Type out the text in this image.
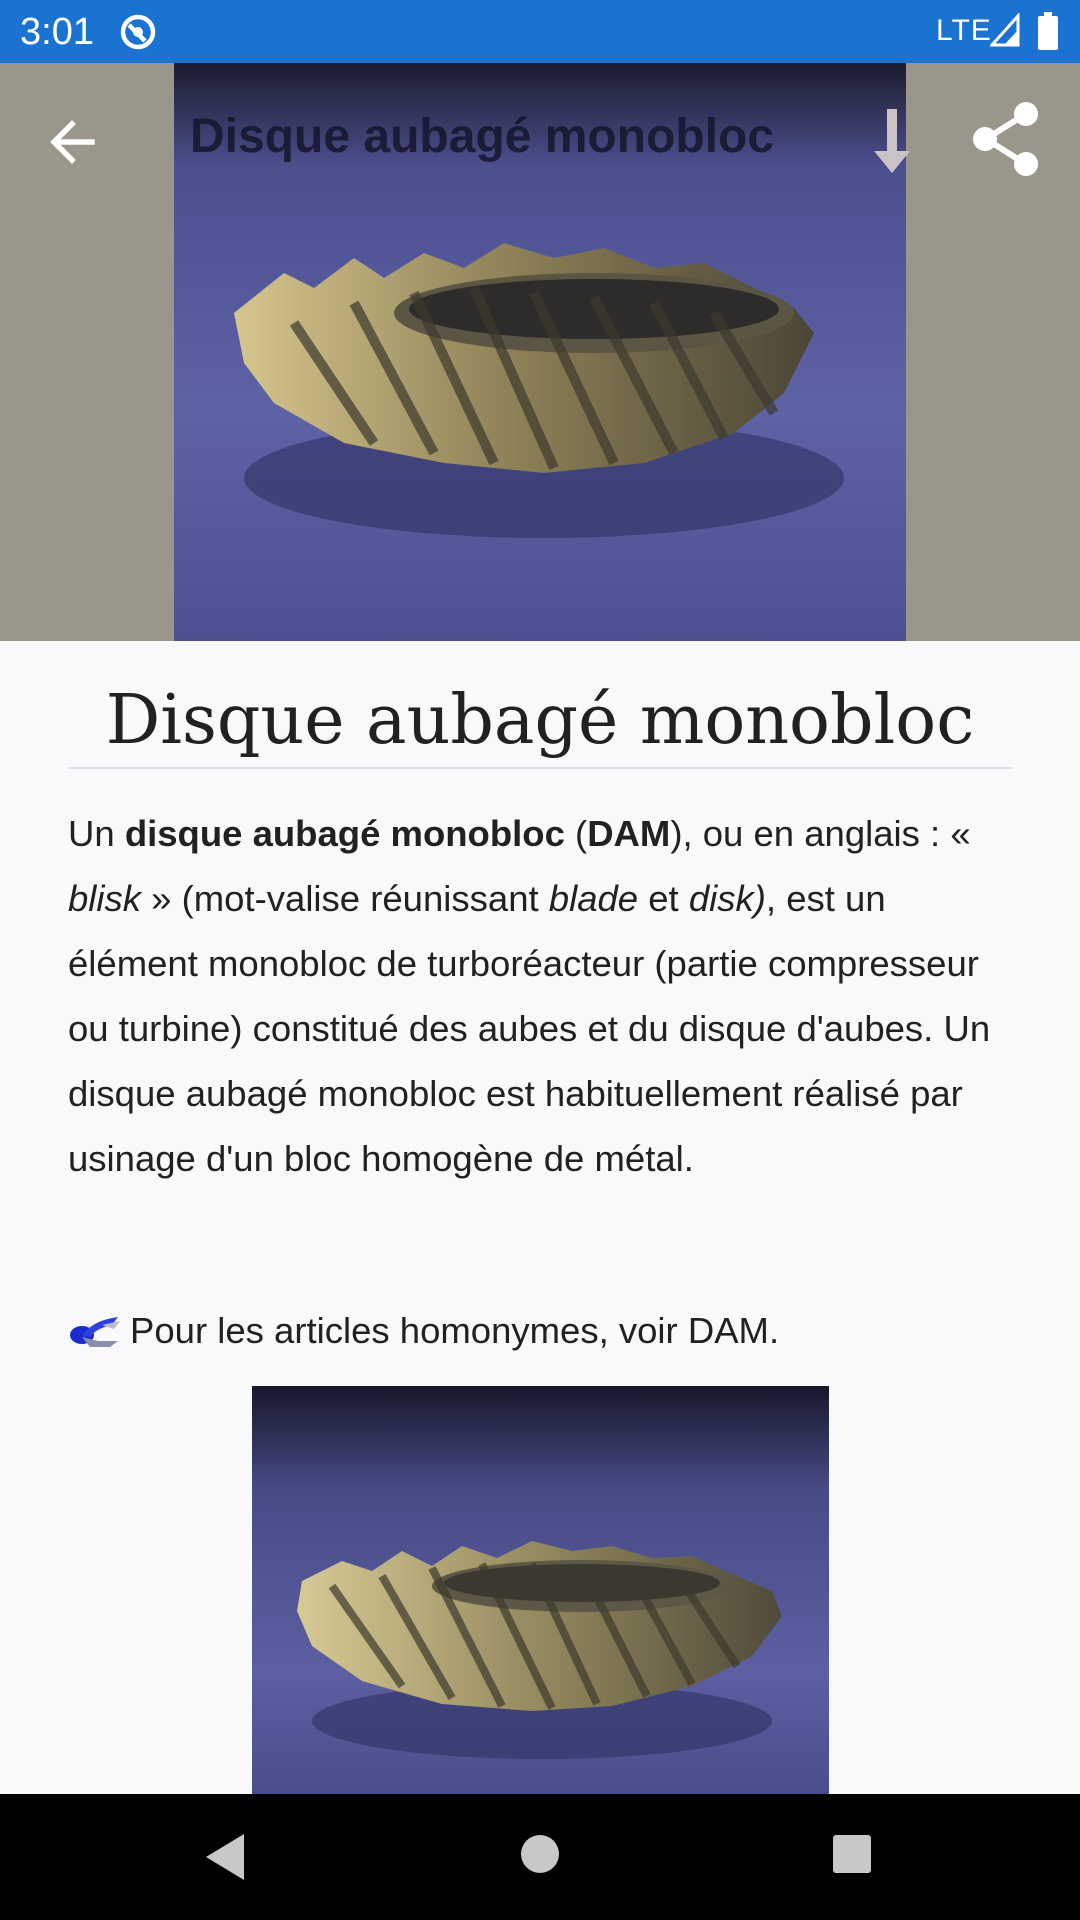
3:01	LTE
Disque aubagé monobloc
Disque aubagé monobloc

Un disque aubagé monobloc (DAM), ou en anglais : « blisk » (mot-valise réunissant blade et disk), est un élément monobloc de turboréacteur (partie compresseur ou turbine) constitué des aubes et du disque d'aubes. Un disque aubagé monobloc est habituellement réalisé par usinage d'un bloc homogène de métal.

Pour les articles homonymes, voir DAM.
